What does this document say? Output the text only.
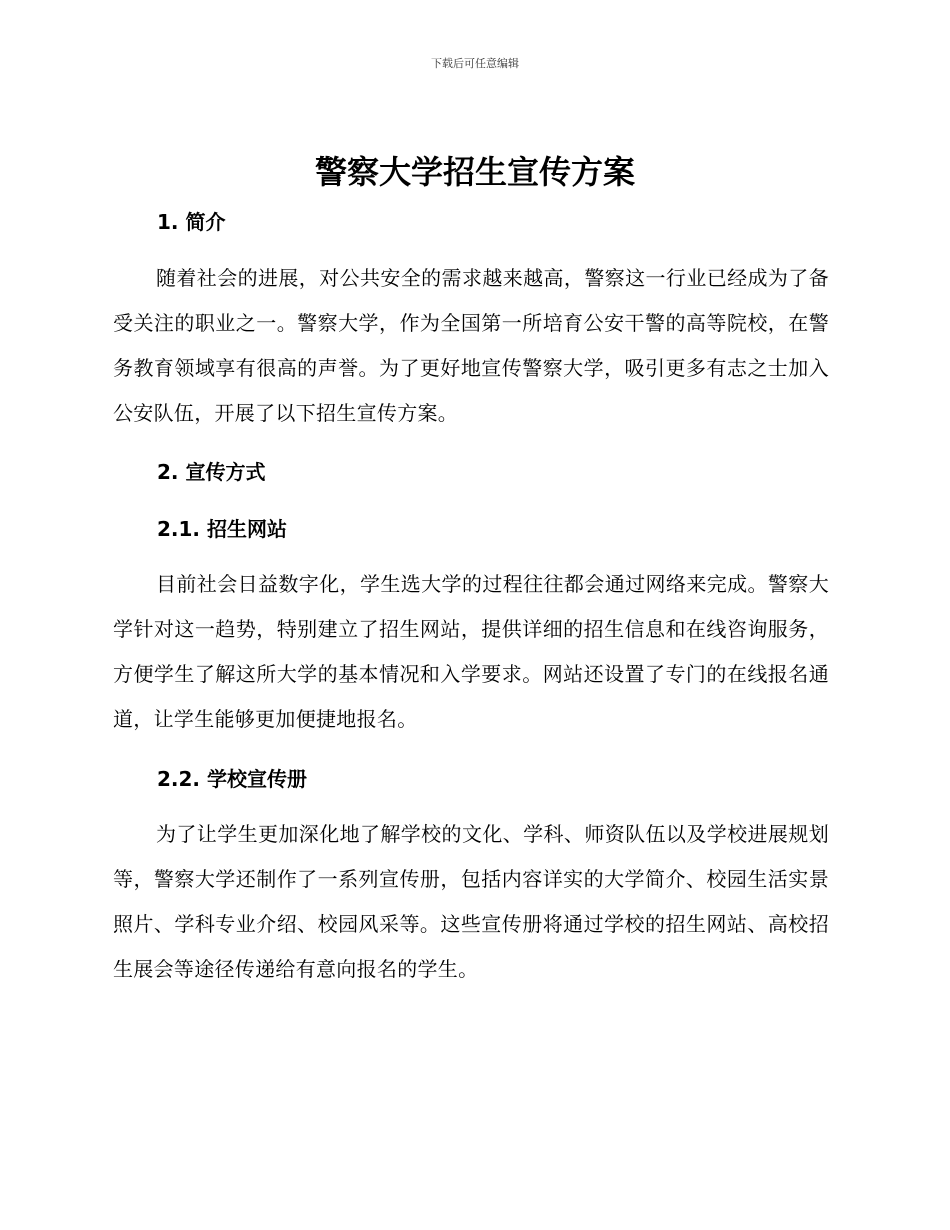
下载后可任意编辑
警察大学招生宣传方案
1. 简介

随着社会的进展，对公共安全的需求越来越高，警察这一行业已经成为了备受关注的职业之一。警察大学，作为全国第一所培育公安干警的高等院校，在警务教育领域享有很高的声誉。为了更好地宣传警察大学，吸引更多有志之士加入公安队伍，开展了以下招生宣传方案。

2. 宣传方式
2.1. 招生网站

目前社会日益数字化，学生选大学的过程往往都会通过网络来完成。警察大学针对这一趋势，特别建立了招生网站，提供详细的招生信息和在线咨询服务，方便学生了解这所大学的基本情况和入学要求。网站还设置了专门的在线报名通道，让学生能够更加便捷地报名。

2.2. 学校宣传册

为了让学生更加深化地了解学校的文化、学科、师资队伍以及学校进展规划等，警察大学还制作了一系列宣传册，包括内容详实的大学简介、校园生活实景照片、学科专业介绍、校园风采等。这些宣传册将通过学校的招生网站、高校招生展会等途径传递给有意向报名的学生。
